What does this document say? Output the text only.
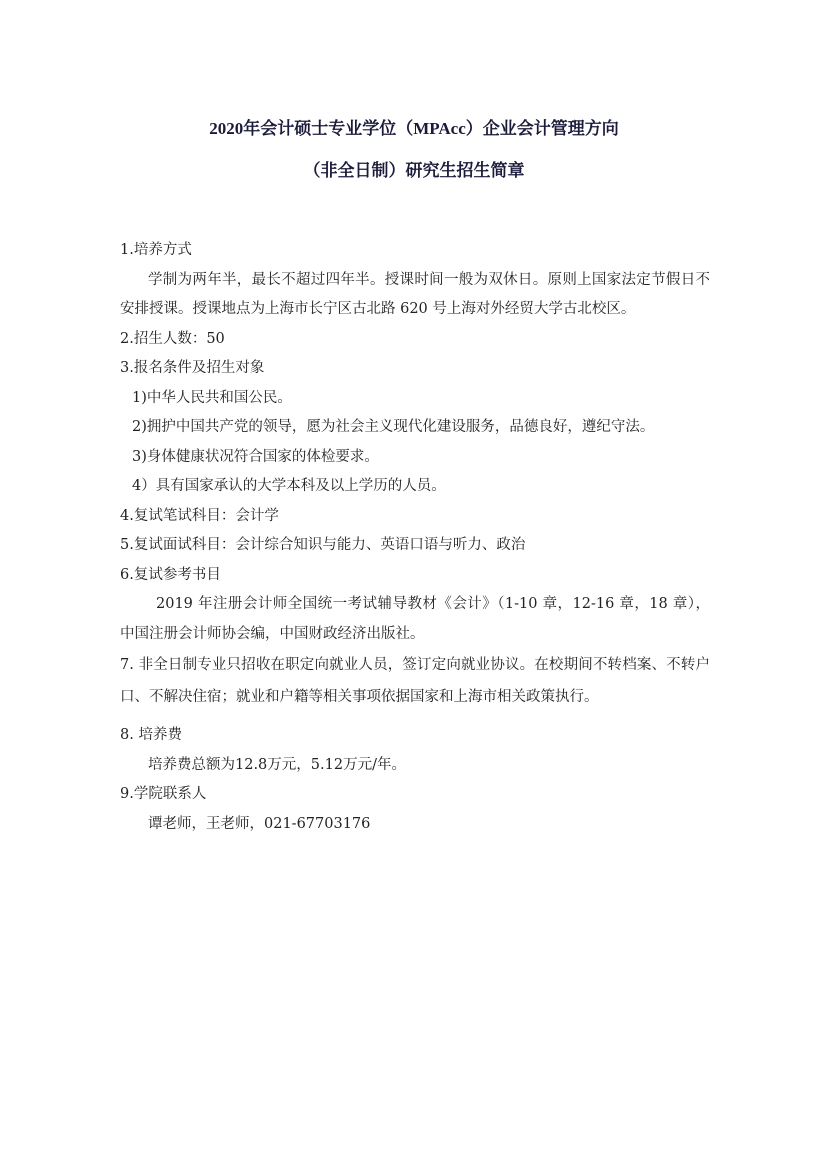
2020年会计硕士专业学位（MPAcc）企业会计管理方向
（非全日制）研究生招生简章
1.培养方式
学制为两年半，最长不超过四年半。授课时间一般为双休日。原则上国家法定节假日不安排授课。授课地点为上海市长宁区古北路 620 号上海对外经贸大学古北校区。
2.招生人数：50
3.报名条件及招生对象
1)中华人民共和国公民。
2)拥护中国共产党的领导，愿为社会主义现代化建设服务，品德良好，遵纪守法。
3)身体健康状况符合国家的体检要求。
4）具有国家承认的大学本科及以上学历的人员。
4.复试笔试科目：会计学
5.复试面试科目：会计综合知识与能力、英语口语与听力、政治
6.复试参考书目
2019 年注册会计师全国统一考试辅导教材《会计》（1-10 章，12-16 章，18 章），中国注册会计师协会编，中国财政经济出版社。
7. 非全日制专业只招收在职定向就业人员，签订定向就业协议。在校期间不转档案、不转户口、不解决住宿；就业和户籍等相关事项依据国家和上海市相关政策执行。
8. 培养费
培养费总额为12.8万元，5.12万元/年。
9.学院联系人
谭老师，王老师，021-67703176
